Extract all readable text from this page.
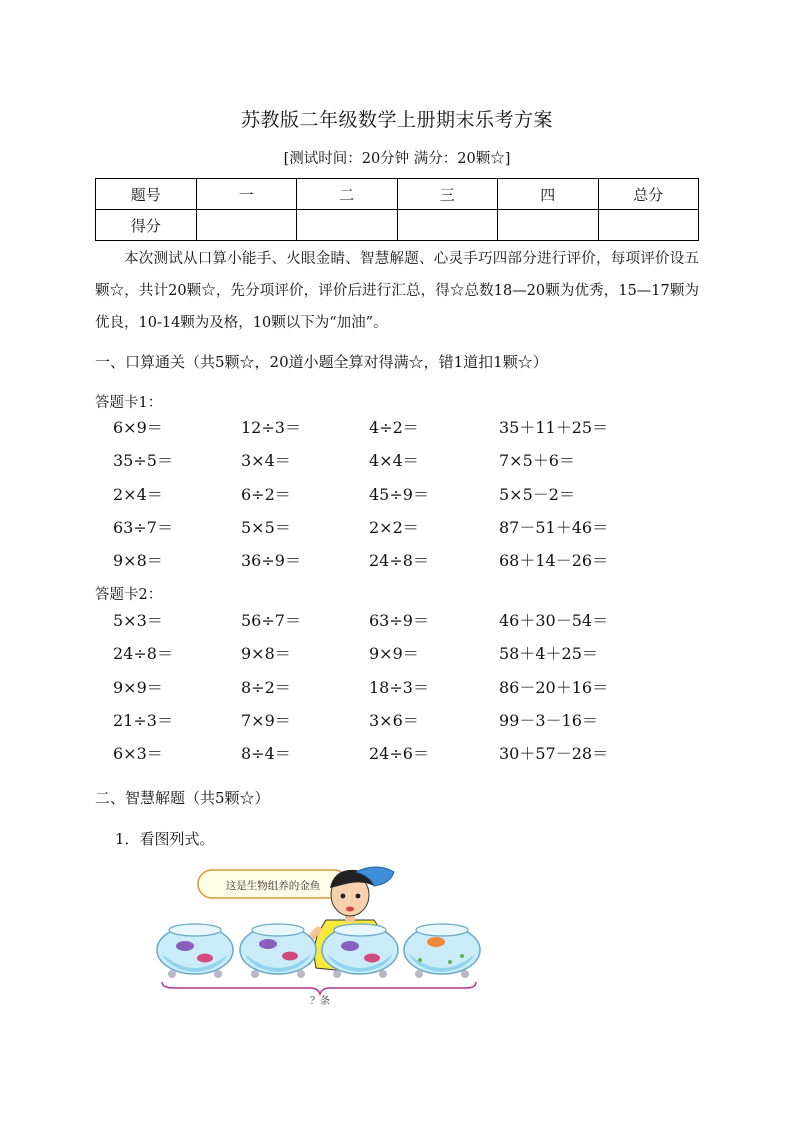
苏教版二年级数学上册期末乐考方案
[测试时间：20分钟 满分：20颗☆]
题号	一	二	三	四	总分
得分					
本次测试从口算小能手、火眼金睛、智慧解题、心灵手巧四部分进行评价，每项评价设五颗☆，共计20颗☆，先分项评价，评价后进行汇总，得☆总数18—20颗为优秀，15—17颗为优良，10-14颗为及格，10颗以下为“加油”。
一、口算通关（共5颗☆，20道小题全算对得满☆，错1道扣1颗☆）
答题卡1：
6×9＝	12÷3＝	4÷2＝	35＋11＋25＝
35÷5＝	3×4＝	4×4＝	7×5＋6＝
2×4＝	6÷2＝	45÷9＝	5×5－2＝
63÷7＝	5×5＝	2×2＝	87－51＋46＝
9×8＝	36÷9＝	24÷8＝	68＋14－26＝
答题卡2：
5×3＝	56÷7＝	63÷9＝	46＋30－54＝
24÷8＝	9×8＝	9×9＝	58＋4＋25＝
9×9＝	8÷2＝	18÷3＝	86－20＋16＝
21÷3＝	7×9＝	3×6＝	99－3－16＝
6×3＝	8÷4＝	24÷6＝	30＋57－28＝
二、智慧解题（共5颗☆）
1．看图列式。
这是生物组养的金鱼
？条
